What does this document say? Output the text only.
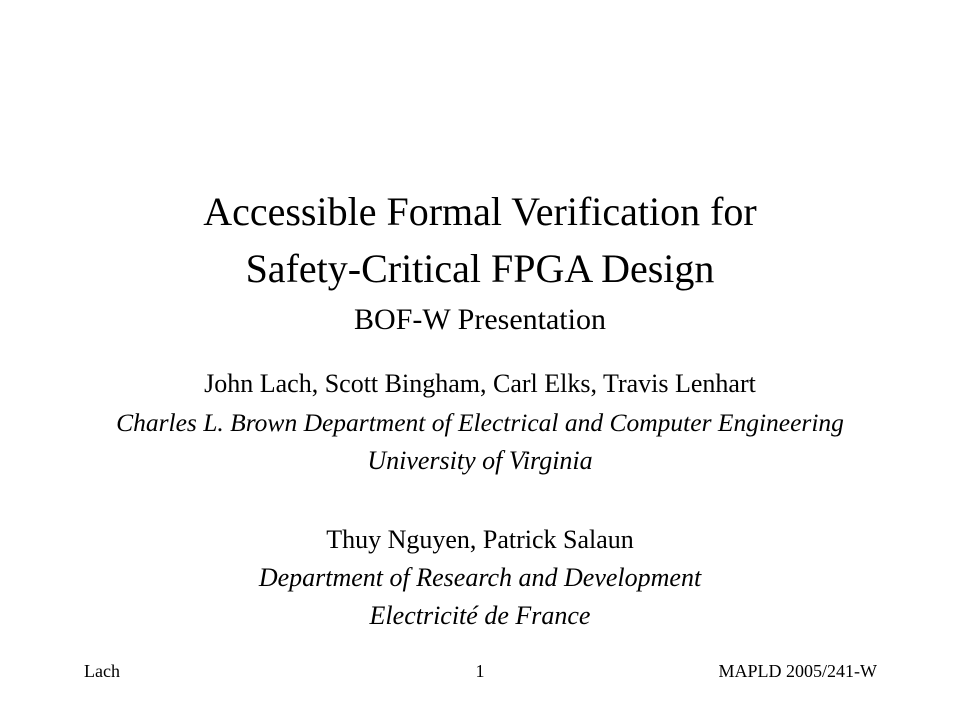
Accessible Formal Verification for
Safety-Critical FPGA Design
BOF-W Presentation
John Lach, Scott Bingham, Carl Elks, Travis Lenhart
Charles L. Brown Department of Electrical and Computer Engineering
University of Virginia
Thuy Nguyen, Patrick Salaun
Department of Research and Development
Electricité de France
Lach	1	MAPLD 2005/241-W
